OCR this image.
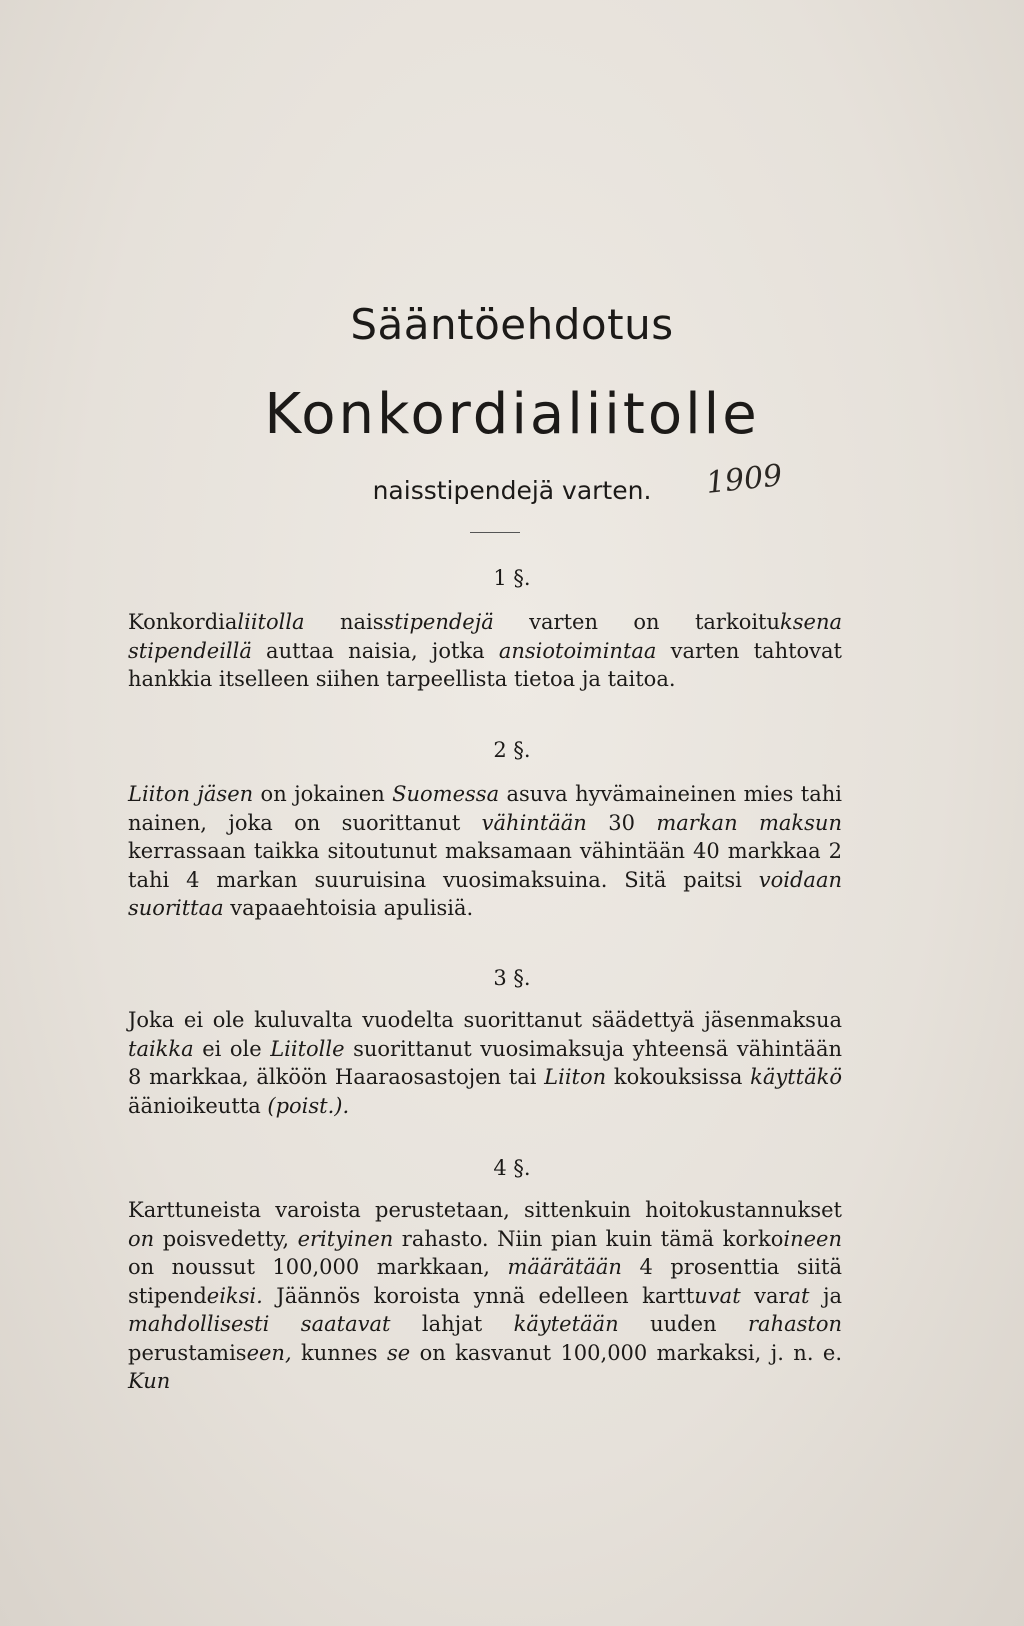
Sääntöehdotus
Konkordialiitolle
naisstipendejä varten.	1909
1 §.
Konkordialiitolla naisstipendejä varten on tarkoituksena stipendeillä auttaa naisia, jotka ansiotoimintaa varten tahtovat hankkia itselleen siihen tarpeellista tietoa ja taitoa.
2 §.
Liiton jäsen on jokainen Suomessa asuva hyvämaineinen mies tahi nainen, joka on suorittanut vähintään 30 markan maksun kerrassaan taikka sitoutunut maksamaan vähintään 40 markkaa 2 tahi 4 markan suuruisina vuosimaksuina. Sitä paitsi voidaan suorittaa vapaaehtoisia apulisiä.
3 §.
Joka ei ole kuluvalta vuodelta suorittanut säädettyä jäsenmaksua taikka ei ole Liitolle suorittanut vuosimaksuja yhteensä vähintään 8 markkaa, älköön Haaraosastojen tai Liiton kokouksissa käyttäkö äänioikeutta (poist.).
4 §.
Karttuneista varoista perustetaan, sittenkuin hoitokustannukset on poisvedetty, erityinen rahasto. Niin pian kuin tämä korkoineen on noussut 100,000 markkaan, määrätään 4 prosenttia siitä stipendeiksi. Jäännös koroista ynnä edelleen karttuvat varat ja mahdollisesti saatavat lahjat käytetään uuden rahaston perustamiseen, kunnes se on kasvanut 100,000 markaksi, j. n. e. Kun
